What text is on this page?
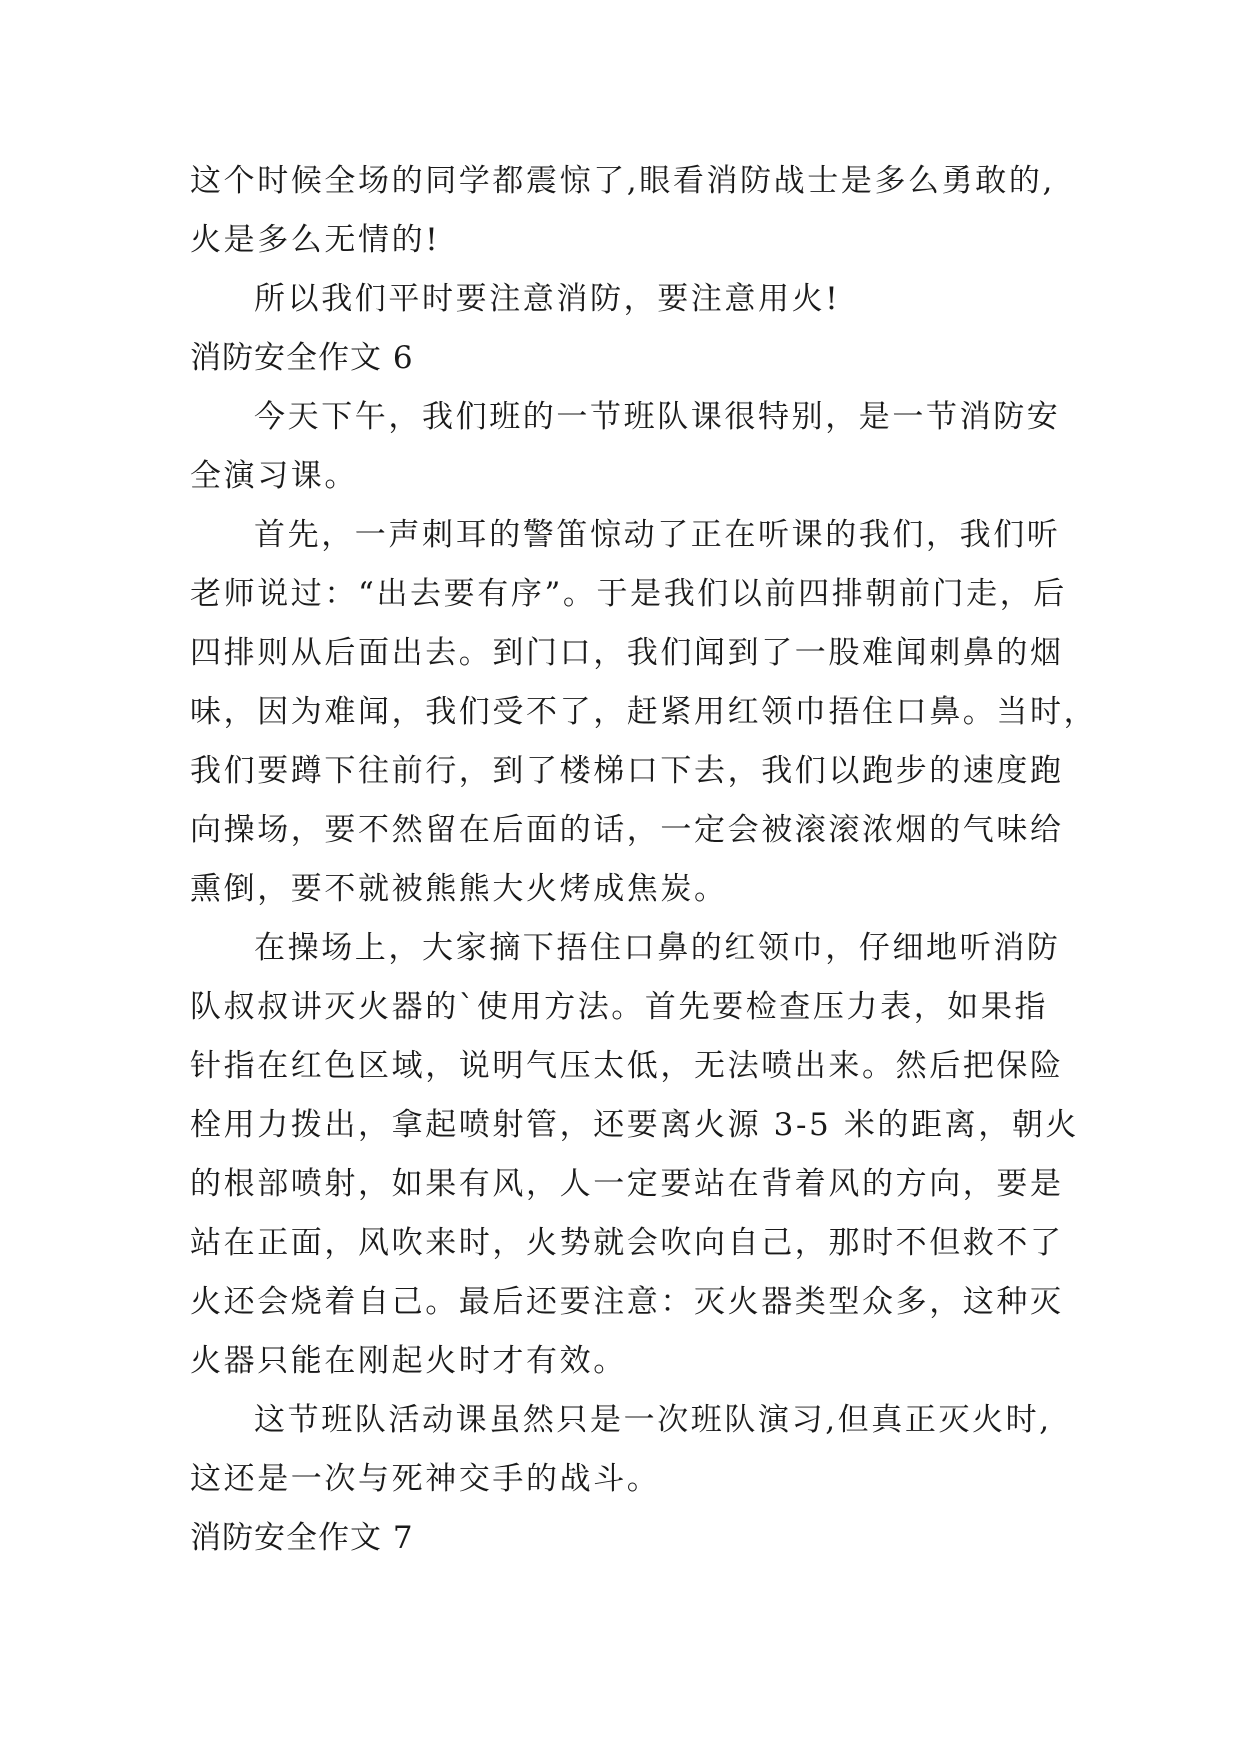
这个时候全场的同学都震惊了,眼看消防战士是多么勇敢的,
火是多么无情的!
所以我们平时要注意消防，要注意用火!
消防安全作文 6
今天下午，我们班的一节班队课很特别，是一节消防安
全演习课。
首先，一声刺耳的警笛惊动了正在听课的我们，我们听
老师说过：“出去要有序”。于是我们以前四排朝前门走，后
四排则从后面出去。到门口，我们闻到了一股难闻刺鼻的烟
味，因为难闻，我们受不了，赶紧用红领巾捂住口鼻。当时，
我们要蹲下往前行，到了楼梯口下去，我们以跑步的速度跑
向操场，要不然留在后面的话，一定会被滚滚浓烟的气味给
熏倒，要不就被熊熊大火烤成焦炭。
在操场上，大家摘下捂住口鼻的红领巾，仔细地听消防
队叔叔讲灭火器的`使用方法。首先要检查压力表，如果指
针指在红色区域，说明气压太低，无法喷出来。然后把保险
栓用力拨出，拿起喷射管，还要离火源 3-5 米的距离，朝火
的根部喷射，如果有风，人一定要站在背着风的方向，要是
站在正面，风吹来时，火势就会吹向自己，那时不但救不了
火还会烧着自己。最后还要注意：灭火器类型众多，这种灭
火器只能在刚起火时才有效。
这节班队活动课虽然只是一次班队演习,但真正灭火时,
这还是一次与死神交手的战斗。
消防安全作文 7
